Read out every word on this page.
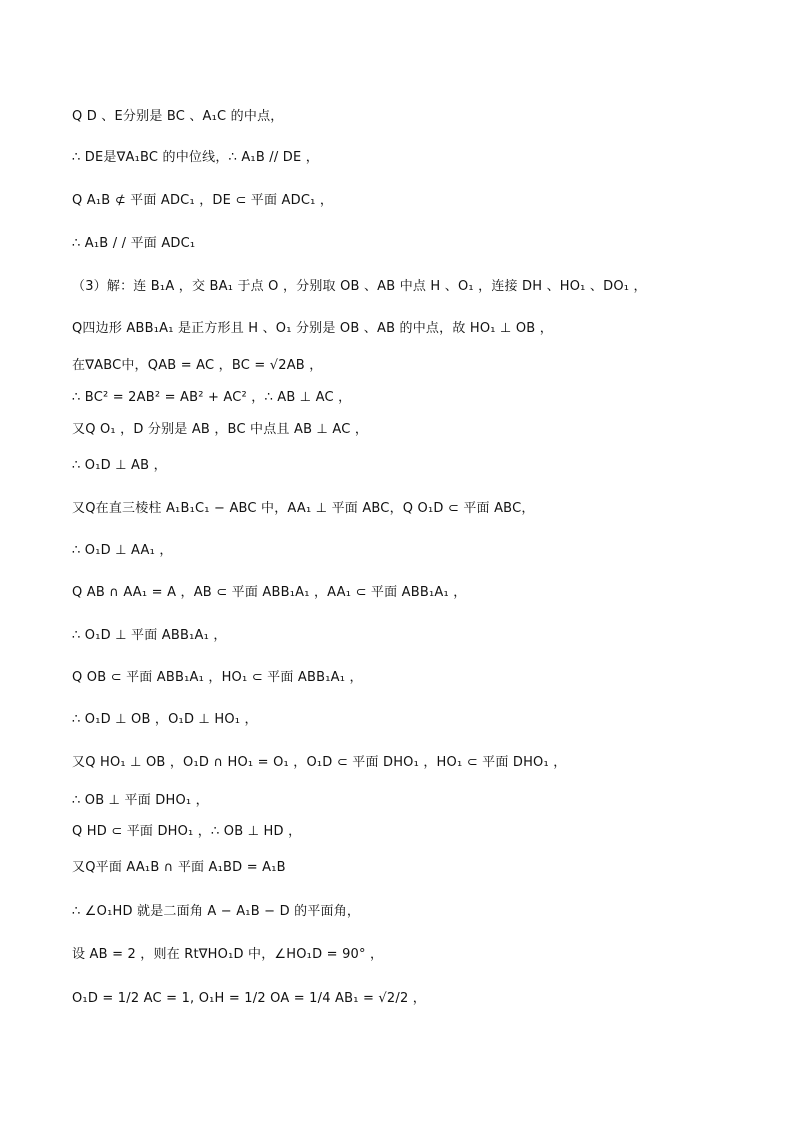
Q D 、E分别是 BC 、A₁C 的中点，
∴ DE是∇A₁BC 的中位线，∴ A₁B // DE ，
Q A₁B ⊄ 平面 ADC₁ ，DE ⊂ 平面 ADC₁ ，
∴ A₁B / / 平面 ADC₁
（3）解：连 B₁A ，交 BA₁ 于点 O ，分别取 OB 、AB 中点 H 、O₁ ，连接 DH 、HO₁ 、DO₁ ，
Q四边形 ABB₁A₁ 是正方形且 H 、O₁ 分别是 OB 、AB 的中点，故 HO₁ ⊥ OB ，
在∇ABC中，QAB = AC ，BC = √2AB ，
∴ BC² = 2AB² = AB² + AC² ，∴ AB ⊥ AC ，
又Q O₁ ，D 分别是 AB ，BC 中点且 AB ⊥ AC ，
∴ O₁D ⊥ AB ，
又Q在直三棱柱 A₁B₁C₁ − ABC 中，AA₁ ⊥ 平面 ABC，Q O₁D ⊂ 平面 ABC，
∴ O₁D ⊥ AA₁ ，
Q AB ∩ AA₁ = A ，AB ⊂ 平面 ABB₁A₁ ，AA₁ ⊂ 平面 ABB₁A₁ ，
∴ O₁D ⊥ 平面 ABB₁A₁ ，
Q OB ⊂ 平面 ABB₁A₁ ，HO₁ ⊂ 平面 ABB₁A₁ ，
∴ O₁D ⊥ OB ，O₁D ⊥ HO₁ ，
又Q HO₁ ⊥ OB ，O₁D ∩ HO₁ = O₁ ，O₁D ⊂ 平面 DHO₁ ，HO₁ ⊂ 平面 DHO₁ ，
∴ OB ⊥ 平面 DHO₁ ，
Q HD ⊂ 平面 DHO₁ ，∴ OB ⊥ HD ，
又Q平面 AA₁B ∩ 平面 A₁BD = A₁B
∴ ∠O₁HD 就是二面角 A − A₁B − D 的平面角，
设 AB = 2 ，则在 Rt∇HO₁D 中，∠HO₁D = 90° ，
O₁D = 1/2 AC = 1, O₁H = 1/2 OA = 1/4 AB₁ = √2/2 ，
